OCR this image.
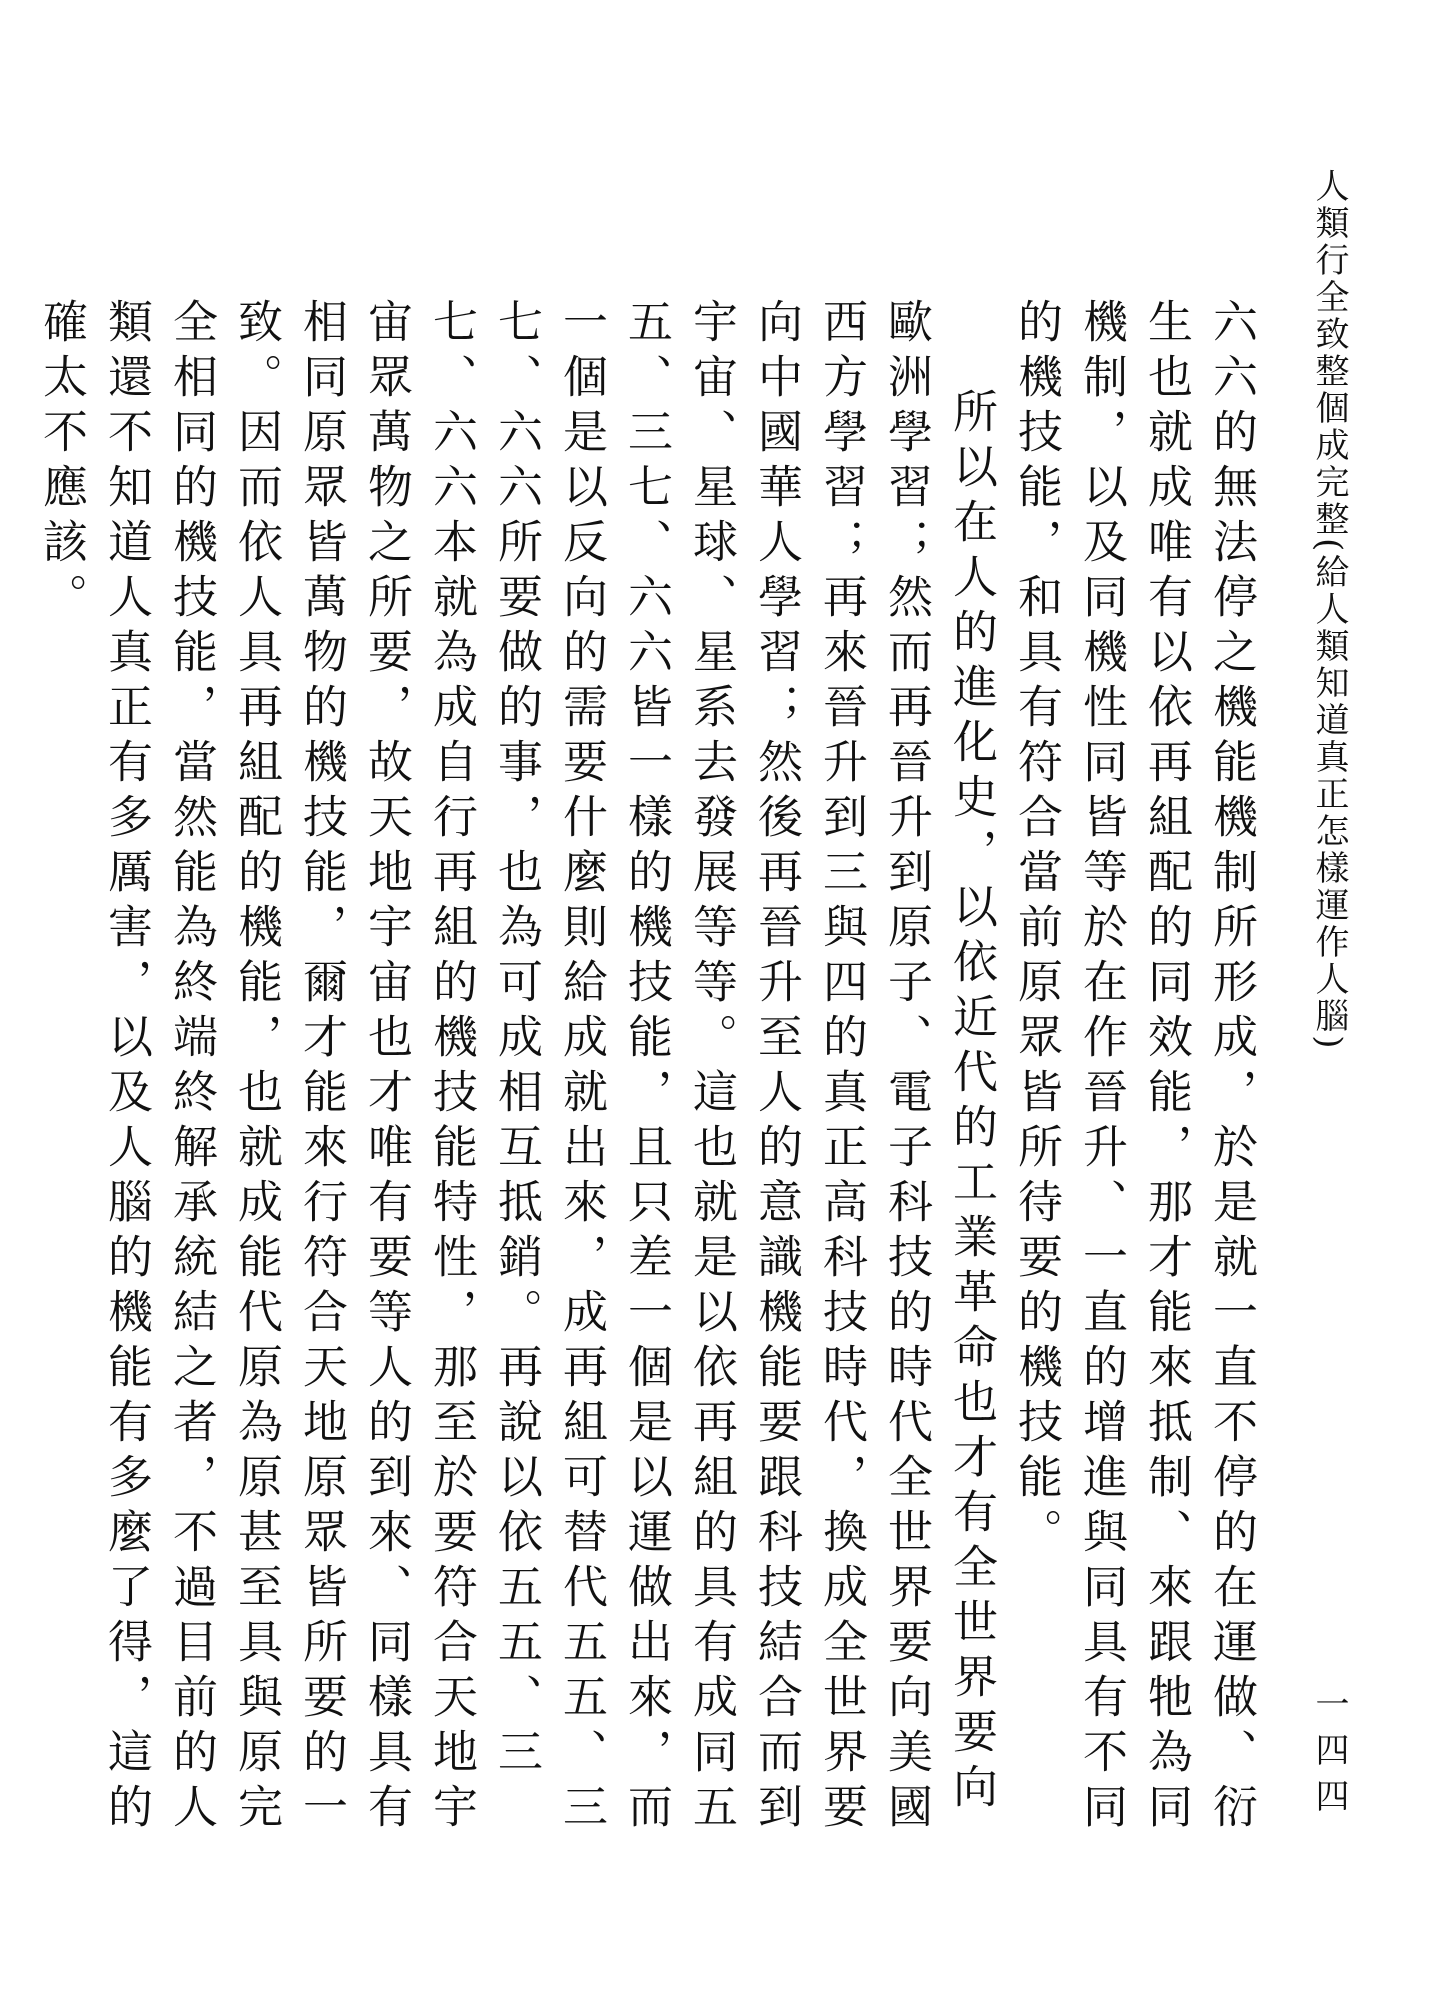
人類行全致整個成完整(給人類知道真正怎樣運作人腦)
一四四

六六的無法停之機能機制所形成，於是就一直不停的在運做、衍生也就成唯有以依再組配的同效能，那才能來抵制、來跟牠為同機制，以及同機性同皆等於在作晉升、一直的增進與同具有不同的機技能，和具有符合當前原眾皆所待要的機技能。

所以在人的進化史，以依近代的工業革命也才有全世界要向歐洲學習；然而再晉升到原子、電子科技的時代全世界要向美國西方學習；再來晉升到三與四的真正高科技時代，換成全世界要向中國華人學習；然後再晉升至人的意識機能要跟科技結合而到宇宙、星球、星系去發展等等。這也就是以依再組的具有成同五五、三七、六六皆一樣的機技能，且只差一個是以運做出來，而一個是以反向的需要什麼則給成就出來，成再組可替代五五、三七、六六所要做的事，也為可成相互抵銷。再說以依五五、三七、六六本就為成自行再組的機技能特性，那至於要符合天地宇宙眾萬物之所要，故天地宇宙也才唯有要等人的到來、同樣具有相同原眾皆萬物的機技能，爾才能來行符合天地原眾皆所要的一致。因而依人具再組配的機能，也就成能代原為原甚至具與原完全相同的機技能，當然能為終端終解承統結之者，不過目前的人類還不知道人真正有多厲害，以及人腦的機能有多麼了得，這的確太不應該。
